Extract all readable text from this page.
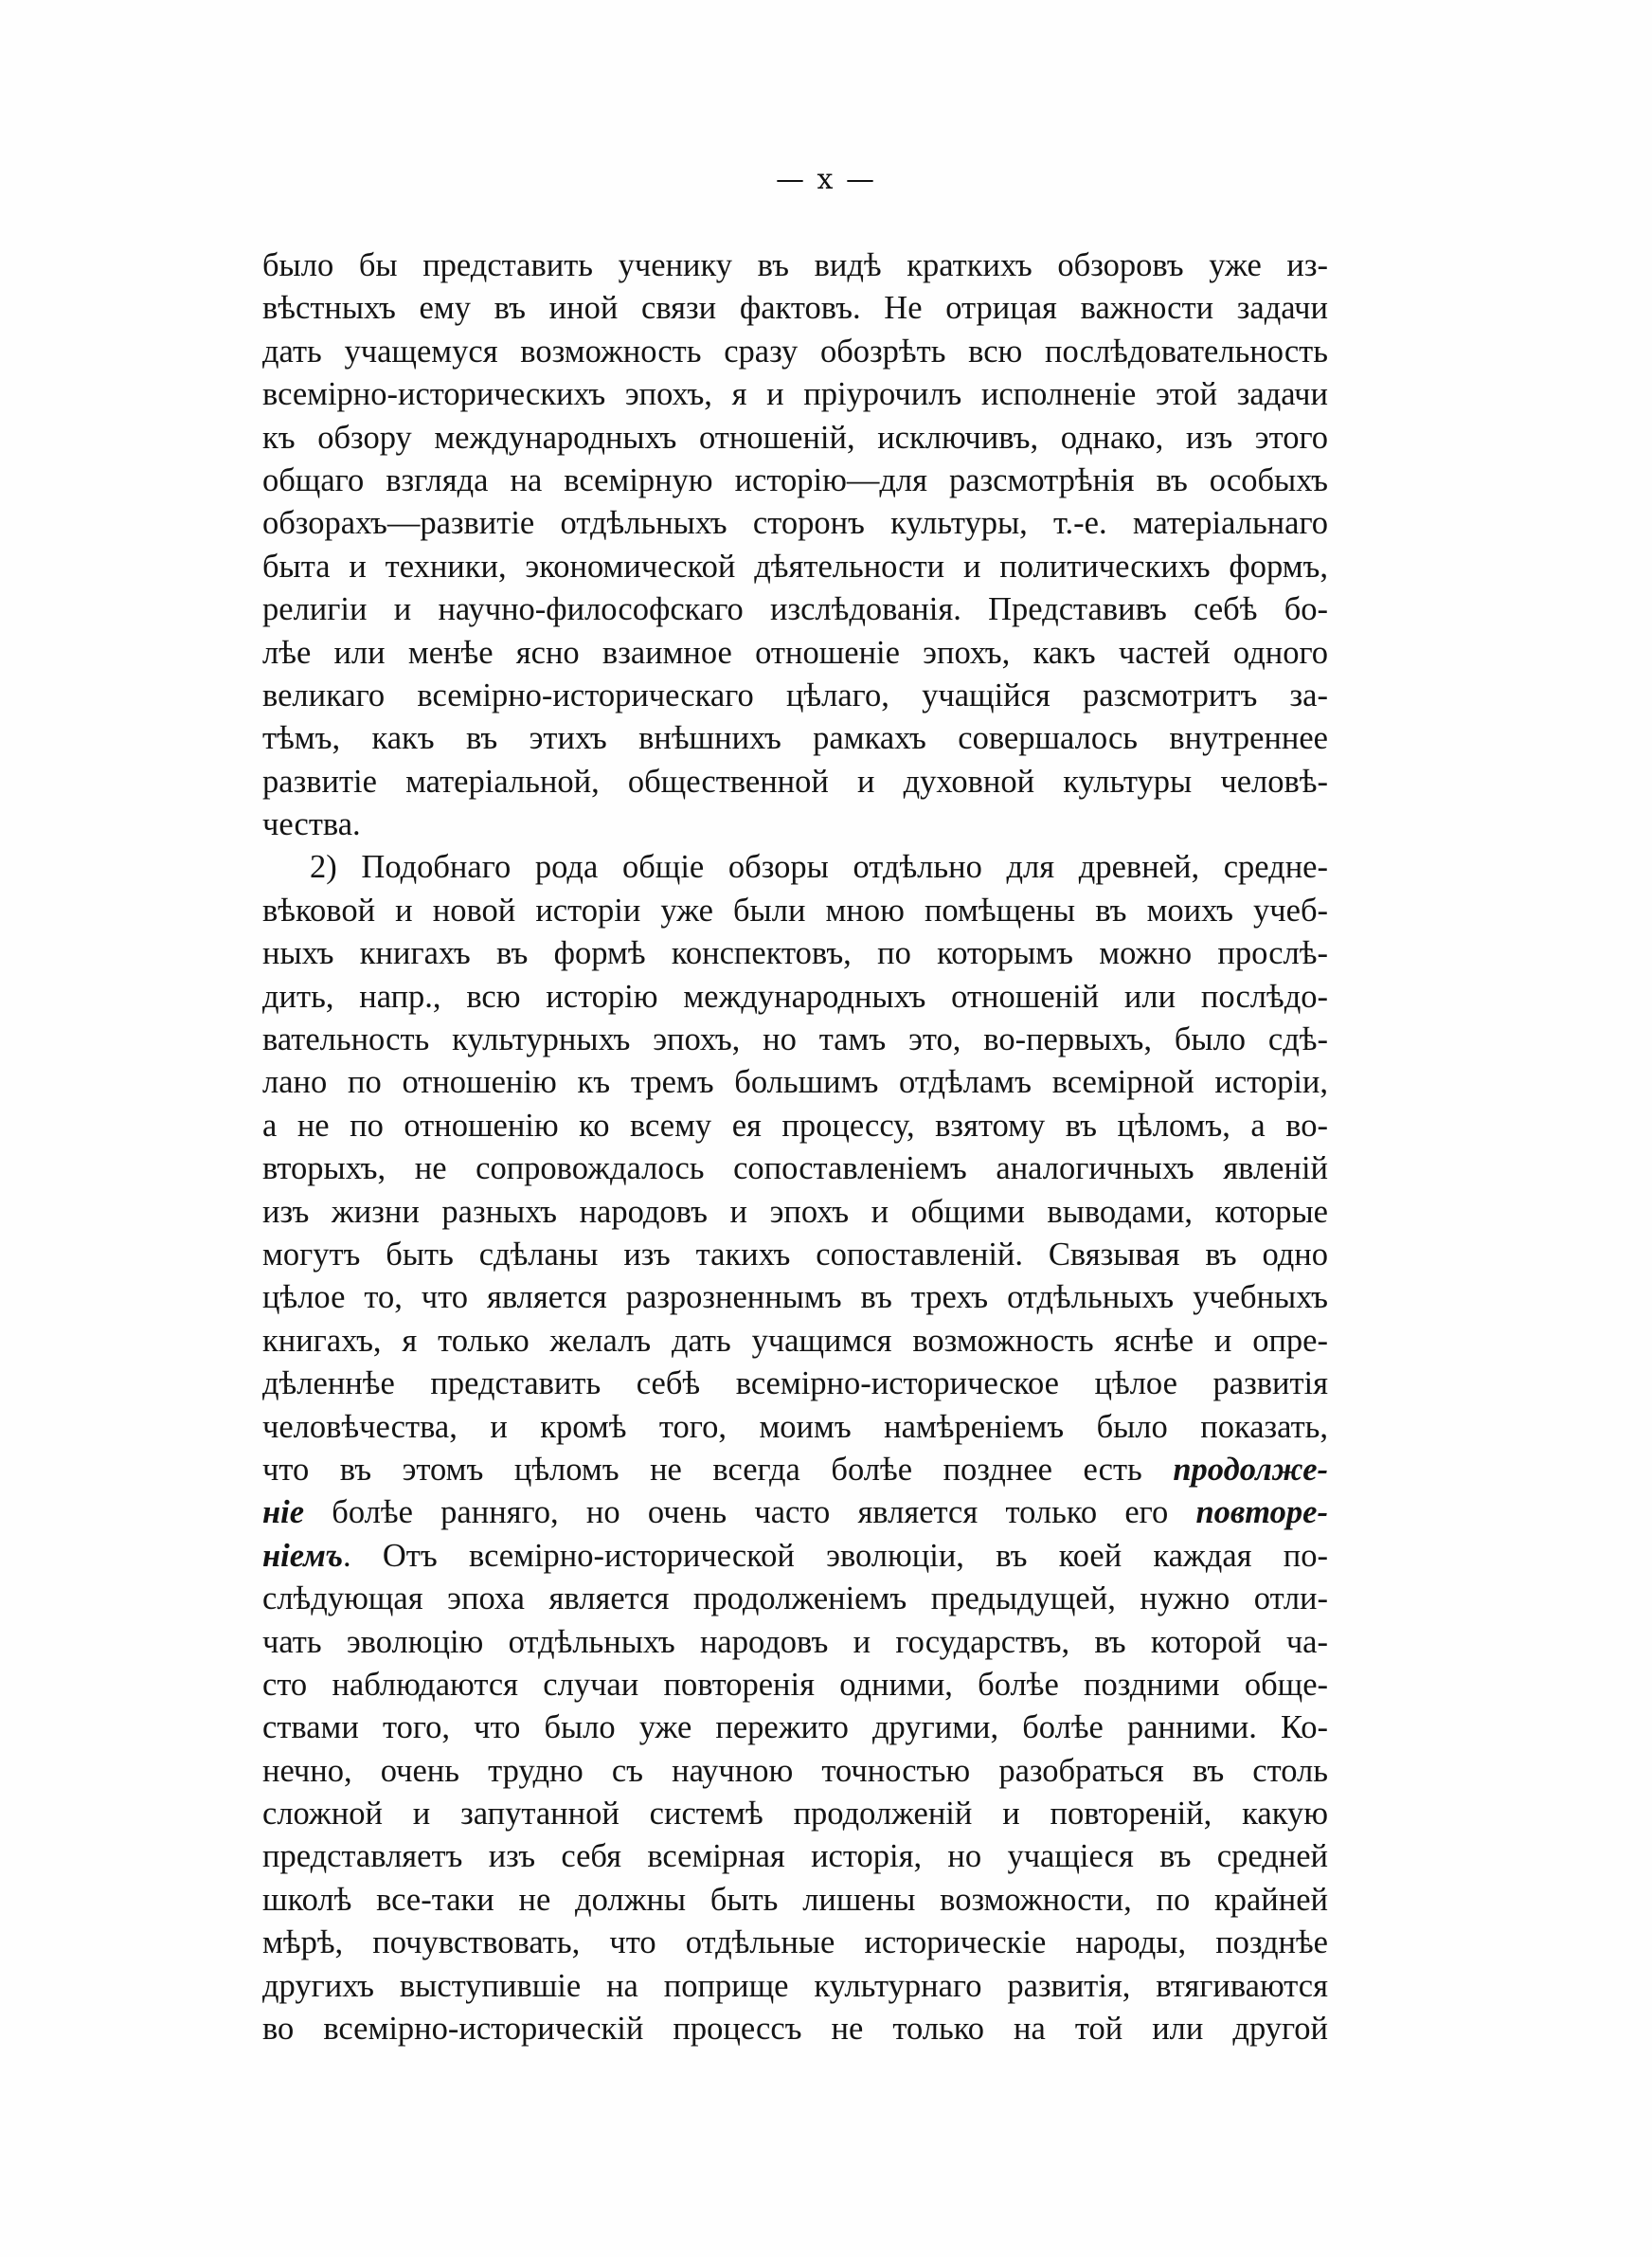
— x —
было бы представить ученику въ видѣ краткихъ обзоровъ уже из-
вѣстныхъ ему въ иной связи фактовъ. Не отрицая важности задачи
дать учащемуся возможность сразу обозрѣть всю послѣдовательность
всемірно-историческихъ эпохъ, я и пріурочилъ исполненіе этой задачи
къ обзору международныхъ отношеній, исключивъ, однако, изъ этого
общаго взгляда на всемірную исторію—для разсмотрѣнія въ особыхъ
обзорахъ—развитіе отдѣльныхъ сторонъ культуры, т.-е. матеріальнаго
быта и техники, экономической дѣятельности и политическихъ формъ,
религіи и научно-философскаго изслѣдованія. Представивъ себѣ бо-
лѣе или менѣе ясно взаимное отношеніе эпохъ, какъ частей одного
великаго всемірно-историческаго цѣлаго, учащійся разсмотритъ за-
тѣмъ, какъ въ этихъ внѣшнихъ рамкахъ совершалось внутреннее
развитіе матеріальной, общественной и духовной культуры человѣ-
чества.
2) Подобнаго рода общіе обзоры отдѣльно для древней, средне-
вѣковой и новой исторіи уже были мною помѣщены въ моихъ учеб-
ныхъ книгахъ въ формѣ конспектовъ, по которымъ можно прослѣ-
дить, напр., всю исторію международныхъ отношеній или послѣдо-
вательность культурныхъ эпохъ, но тамъ это, во-первыхъ, было сдѣ-
лано по отношенію къ тремъ большимъ отдѣламъ всемірной исторіи,
а не по отношенію ко всему ея процессу, взятому въ цѣломъ, а во-
вторыхъ, не сопровождалось сопоставленіемъ аналогичныхъ явленій
изъ жизни разныхъ народовъ и эпохъ и общими выводами, которые
могутъ быть сдѣланы изъ такихъ сопоставленій. Связывая въ одно
цѣлое то, что является разрозненнымъ въ трехъ отдѣльныхъ учебныхъ
книгахъ, я только желалъ дать учащимся возможность яснѣе и опре-
дѣленнѣе представить себѣ всемірно-историческое цѣлое развитія
человѣчества, и кромѣ того, моимъ намѣреніемъ было показать,
что въ этомъ цѣломъ не всегда болѣе позднее есть продолже-
ніе болѣе ранняго, но очень часто является только его повторе-
ніемъ. Отъ всемірно-исторической эволюціи, въ коей каждая по-
слѣдующая эпоха является продолженіемъ предыдущей, нужно отли-
чать эволюцію отдѣльныхъ народовъ и государствъ, въ которой ча-
сто наблюдаются случаи повторенія одними, болѣе поздними обще-
ствами того, что было уже пережито другими, болѣе ранними. Ко-
нечно, очень трудно съ научною точностью разобраться въ столь
сложной и запутанной системѣ продолженій и повтореній, какую
представляетъ изъ себя всемірная исторія, но учащіеся въ средней
школѣ все-таки не должны быть лишены возможности, по крайней
мѣрѣ, почувствовать, что отдѣльные историческіе народы, позднѣе
другихъ выступившіе на поприще культурнаго развитія, втягиваются
во всемірно-историческій процессъ не только на той или другой
